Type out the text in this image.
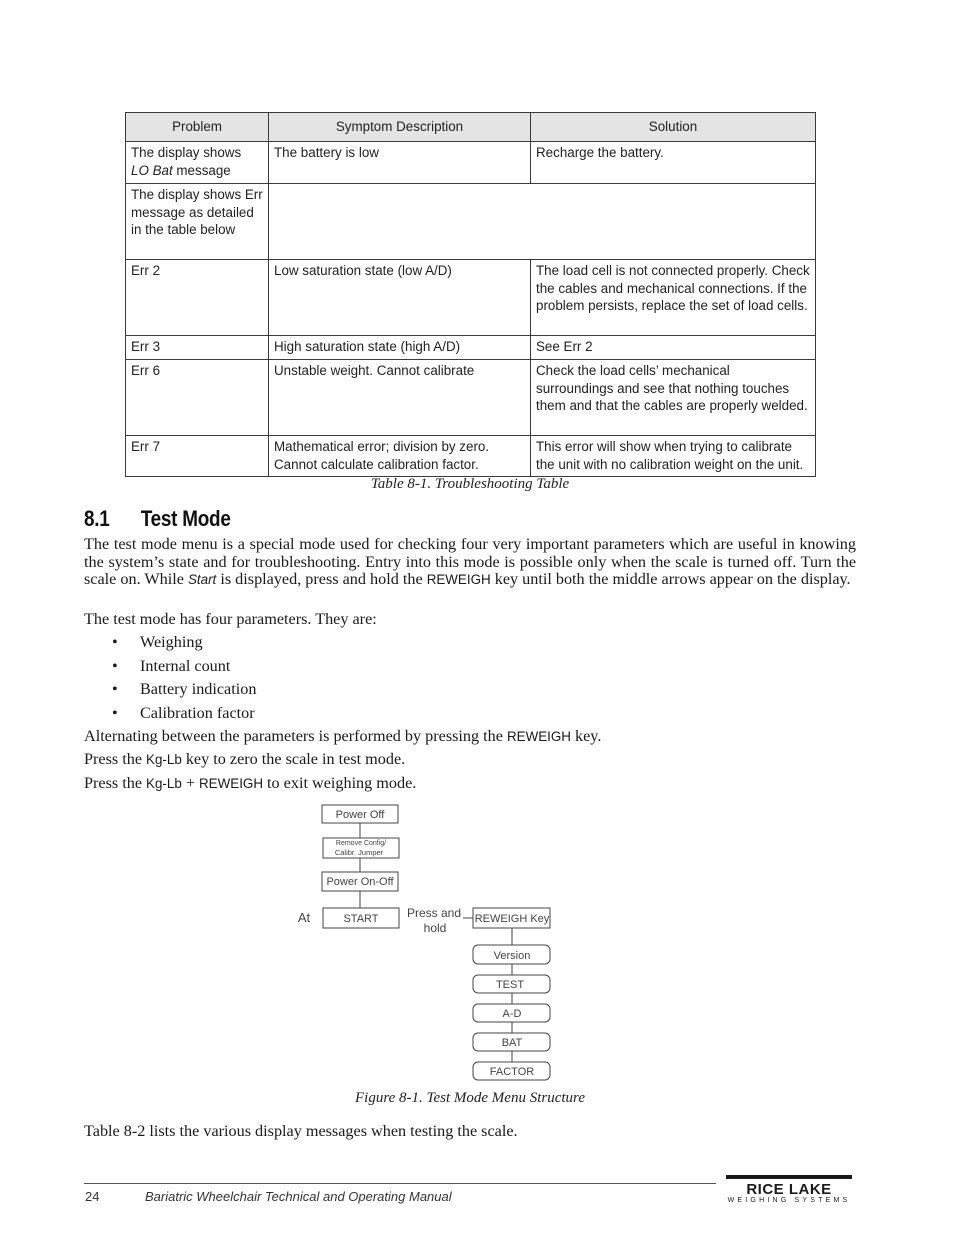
Problem	Symptom Description	Solution
The display shows
LO Bat message	The battery is low	Recharge the battery.
The display shows Err message as detailed in the table below		
Err 2	Low saturation state (low A/D)	The load cell is not connected properly. Check the cables and mechanical connections. If the problem persists, replace the set of load cells.
Err 3	High saturation state (high A/D)	See Err 2
Err 6	Unstable weight. Cannot calibrate	Check the load cells’ mechanical surroundings and see that nothing touches them and that the cables are properly welded.
Err 7	Mathematical error; division by zero. Cannot calculate calibration factor.	This error will show when trying to calibrate the unit with no calibration weight on the unit.
Table 8-1. Troubleshooting Table
8.1 Test Mode

The test mode menu is a special mode used for checking four very important parameters which are useful in knowing the system’s state and for troubleshooting. Entry into this mode is possible only when the scale is turned off. Turn the scale on. While Start is displayed, press and hold the REWEIGH key until both the middle arrows appear on the display.

The test mode has four parameters. They are:

• Weighing
• Internal count
• Battery indication
• Calibration factor

Alternating between the parameters is performed by pressing the REWEIGH key.

Press the Kg-Lb key to zero the scale in test mode.

Press the Kg-Lb + REWEIGH to exit weighing mode.

Power Off
Remove Config/
Calibr. Jumper
Power On-Off
At	START Press and
hold
REWEIGH Key
Version
TEST
A-D
BAT
FACTOR
Figure 8-1. Test Mode Menu Structure

Table 8-2 lists the various display messages when testing the scale.

24	Bariatric Wheelchair Technical and Operating Manual	RICE LAKE
WEIGHING SYSTEMS
